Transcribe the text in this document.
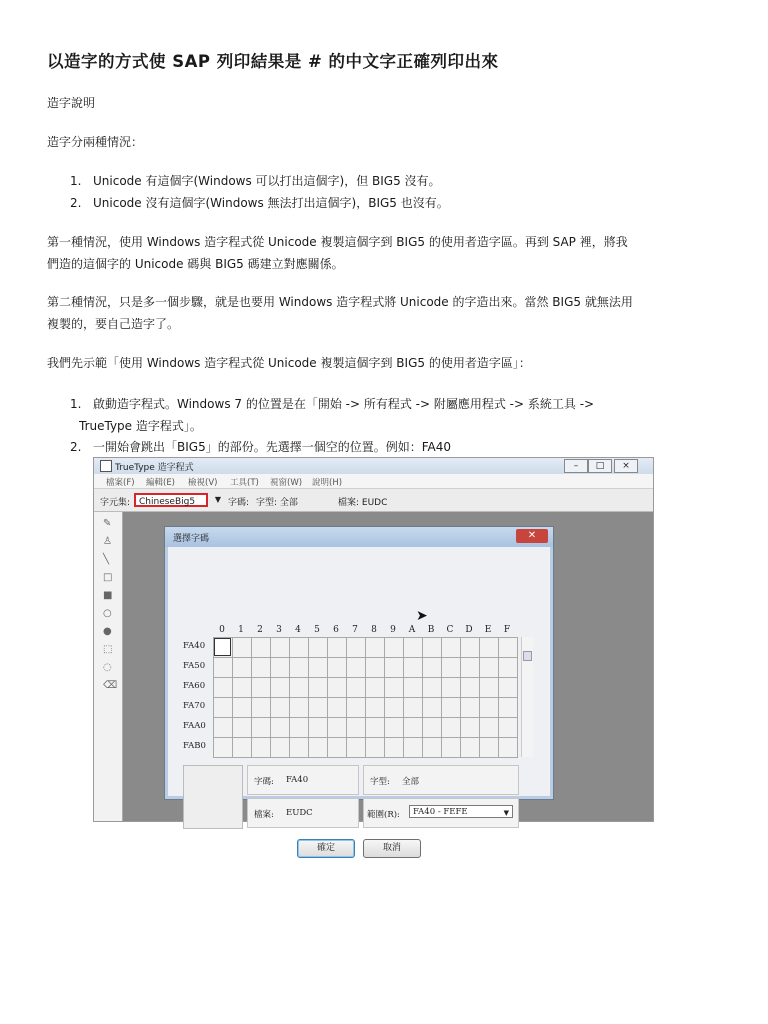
以造字的方式使 SAP 列印結果是 # 的中文字正確列印出來
造字說明
造字分兩種情況：
1. Unicode 有這個字(Windows 可以打出這個字)，但 BIG5 沒有。
2. Unicode 沒有這個字(Windows 無法打出這個字)，BIG5 也沒有。
第一種情況，使用 Windows 造字程式從 Unicode 複製這個字到 BIG5 的使用者造字區。再到 SAP 裡，將我
們造的這個字的 Unicode 碼與 BIG5 碼建立對應關係。
第二種情況，只是多一個步驟，就是也要用 Windows 造字程式將 Unicode 的字造出來。當然 BIG5 就無法用
複製的，要自己造字了。
我們先示範「使用 Windows 造字程式從 Unicode 複製這個字到 BIG5 的使用者造字區」：
1. 啟動造字程式。Windows 7 的位置是在「開始 -> 所有程式 -> 附屬應用程式 -> 系統工具 ->
TrueType 造字程式」。
2. 一開始會跳出「BIG5」的部份。先選擇一個空的位置。例如：FA40
TrueType 造字程式	–	□	×
檔案(F) 編輯(E) 檢視(V) 工具(T) 視窗(W) 說明(H)
字元集: ChineseBig5	▼ 字碼: 字型: 全部	檔案: EUDC
✎
♙
╲
□
■
○
●
⬚
◌
⌫
選擇字碼	✕
0	1	2	3	4	5	6	7	8	9	A	B	C	D	E	F
FA40
FA50
FA60
FA70
FAA0
FAB0
➤
字碼: FA40	字型: 全部
檔案: EUDC	範圍(R):	FA40 - FEFE	▼
確定	取消
